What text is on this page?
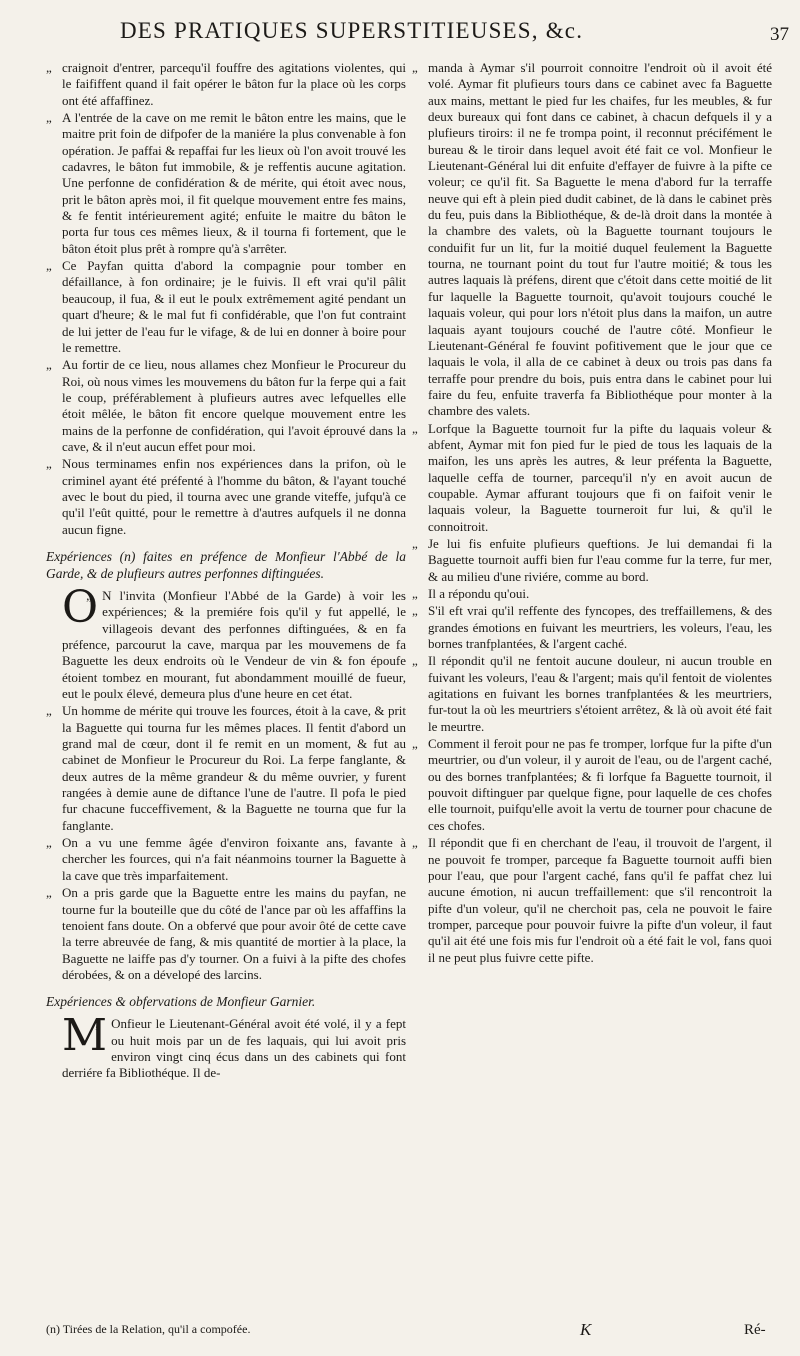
DES PRATIQUES SUPERSTITIEUSES, &c.	37

„ craignoit d'entrer, parcequ'il fouffre des agitations violentes, qui le faififfent quand il fait opérer le bâton fur la place où les corps ont été affaffinez.

„ A l'entrée de la cave on me remit le bâton entre les mains, que le maitre prit foin de difpofer de la maniére la plus convenable à fon opération. Je paffai & repaffai fur les lieux où l'on avoit trouvé les cadavres, le bâton fut immobile, & je reffentis aucune agitation. Une perfonne de confidération & de mérite, qui étoit avec nous, prit le bâton après moi, il fit quelque mouvement entre fes mains, & fe fentit intérieurement agité; enfuite le maitre du bâton le porta fur tous ces mêmes lieux, & il tourna fi fortement, que le bâton étoit plus prêt à rompre qu'à s'arrêter.

„ Ce Payfan quitta d'abord la compagnie pour tomber en défaillance, à fon ordinaire; je le fuivis. Il eft vrai qu'il pâlit beaucoup, il fua, & il eut le poulx extrêmement agité pendant un quart d'heure; & le mal fut fi confidérable, que l'on fut contraint de lui jetter de l'eau fur le vifage, & de lui en donner à boire pour le remettre.

„ Au fortir de ce lieu, nous allames chez Monfieur le Procureur du Roi, où nous vimes les mouvemens du bâton fur la ferpe qui a fait le coup, préférablement à plufieurs autres avec lefquelles elle étoit mêlée, le bâton fit encore quelque mouvement entre les mains de la perfonne de confidération, qui l'avoit éprouvé dans la cave, & il n'eut aucun effet pour moi.

„ Nous terminames enfin nos expériences dans la prifon, où le criminel ayant été préfenté à l'homme du bâton, & l'ayant touché avec le bout du pied, il tourna avec une grande viteffe, jufqu'à ce qu'il l'eût quitté, pour le remettre à d'autres aufquels il ne donna aucun figne.

Expériences (n) faites en préfence de Monfieur l'Abbé de la Garde, & de plufieurs autres perfonnes diftinguées.

„ O N l'invita (Monfieur l'Abbé de la Garde) à voir les expériences; & la premiére fois qu'il y fut appellé, le villageois devant des perfonnes diftinguées, & en fa préfence, parcourut la cave, marqua par les mouvemens de fa Baguette les deux endroits où le Vendeur de vin & fon époufe étoient tombez en mourant, fut abondamment mouillé de fueur, eut le poulx élevé, demeura plus d'une heure en cet état.

„ Un homme de mérite qui trouve les fources, étoit à la cave, & prit la Baguette qui tourna fur les mêmes places. Il fentit d'abord un grand mal de cœur, dont il fe remit en un moment, & fut au cabinet de Monfieur le Procureur du Roi. La ferpe fanglante, & deux autres de la même grandeur & du même ouvrier, y furent rangées à demie aune de diftance l'une de l'autre. Il pofa le pied fur chacune fucceffivement, & la Baguette ne tourna que fur la fanglante.

„ On a vu une femme âgée d'environ foixante ans, favante à chercher les fources, qui n'a fait néanmoins tourner la Baguette à la cave que très imparfaitement.

„ On a pris garde que la Baguette entre les mains du payfan, ne tourne fur la bouteille que du côté de l'ance par où les affaffins la tenoient fans doute. On a obfervé que pour avoir ôté de cette cave la terre abreuvée de fang, & mis quantité de mortier à la place, la Baguette ne laiffe pas d'y tourner. On a fuivi à la pifte des chofes dérobées, & on a dévelopé des larcins.

Expériences & obfervations de Monfieur Garnier.

„ M Onfieur le Lieutenant-Général avoit été volé, il y a fept ou huit mois par un de fes laquais, qui lui avoit pris environ vingt cinq écus dans un des cabinets qui font derriére fa Bibliothéque. Il de-

„ manda à Aymar s'il pourroit connoitre l'endroit où il avoit été volé. Aymar fit plufieurs tours dans ce cabinet avec fa Baguette aux mains, mettant le pied fur les chaifes, fur les meubles, & fur deux bureaux qui font dans ce cabinet, à chacun defquels il y a plufieurs tiroirs: il ne fe trompa point, il reconnut précifément le bureau & le tiroir dans lequel avoit été fait ce vol. Monfieur le Lieutenant-Général lui dit enfuite d'effayer de fuivre à la pifte ce voleur; ce qu'il fit. Sa Baguette le mena d'abord fur la terraffe neuve qui eft à plein pied dudit cabinet, de là dans le cabinet près du feu, puis dans la Bibliothéque, & de-là droit dans la montée à la chambre des valets, où la Baguette tournant toujours le conduifit fur un lit, fur la moitié duquel feulement la Baguette tourna, ne tournant point du tout fur l'autre moitié; & tous les autres laquais là préfens, dirent que c'étoit dans cette moitié de lit fur laquelle la Baguette tournoit, qu'avoit toujours couché le laquais voleur, qui pour lors n'étoit plus dans la maifon, un autre laquais ayant toujours couché de l'autre côté. Monfieur le Lieutenant-Général fe fouvint pofitivement que le jour que ce laquais le vola, il alla de ce cabinet à deux ou trois pas dans fa terraffe pour prendre du bois, puis entra dans le cabinet pour lui faire du feu, enfuite traverfa fa Bibliothéque pour monter à la chambre des valets.

„ Lorfque la Baguette tournoit fur la pifte du laquais voleur & abfent, Aymar mit fon pied fur le pied de tous les laquais de la maifon, les uns après les autres, & leur préfenta la Baguette, laquelle ceffa de tourner, parcequ'il n'y en avoit aucun de coupable. Aymar affurant toujours que fi on faifoit venir le laquais voleur, la Baguette tourneroit fur lui, & qu'il le connoitroit.

„ Je lui fis enfuite plufieurs queftions. Je lui demandai fi la Baguette tournoit auffi bien fur l'eau comme fur la terre, fur mer, & au milieu d'une riviére, comme au bord.

„ Il a répondu qu'oui.

„ S'il eft vrai qu'il reffente des fyncopes, des treffaillemens, & des grandes émotions en fuivant les meurtriers, les voleurs, l'eau, les bornes tranfplantées, & l'argent caché.

„ Il répondit qu'il ne fentoit aucune douleur, ni aucun trouble en fuivant les voleurs, l'eau & l'argent; mais qu'il fentoit de violentes agitations en fuivant les bornes tranfplantées & les meurtriers, fur-tout la où les meurtriers s'étoient arrêtez, & là où avoit été fait le meurtre.

„ Comment il feroit pour ne pas fe tromper, lorfque fur la pifte d'un meurtrier, ou d'un voleur, il y auroit de l'eau, ou de l'argent caché, ou des bornes tranfplantées; & fi lorfque fa Baguette tournoit, il pouvoit diftinguer par quelque figne, pour laquelle de ces chofes elle tournoit, puifqu'elle avoit la vertu de tourner pour chacune de ces chofes.

„ Il répondit que fi en cherchant de l'eau, il trouvoit de l'argent, il ne pouvoit fe tromper, parceque fa Baguette tournoit auffi bien pour l'eau, que pour l'argent caché, fans qu'il fe paffat chez lui aucune émotion, ni aucun treffaillement: que s'il rencontroit la pifte d'un voleur, qu'il ne cherchoit pas, cela ne pouvoit le faire tromper, parceque pour pouvoir fuivre la pifte d'un voleur, il faut qu'il ait été une fois mis fur l'endroit où a été fait le vol, fans quoi il ne peut plus fuivre cette pifte.

(n) Tirées de la Relation, qu'il a compofée.	K	Ré-
